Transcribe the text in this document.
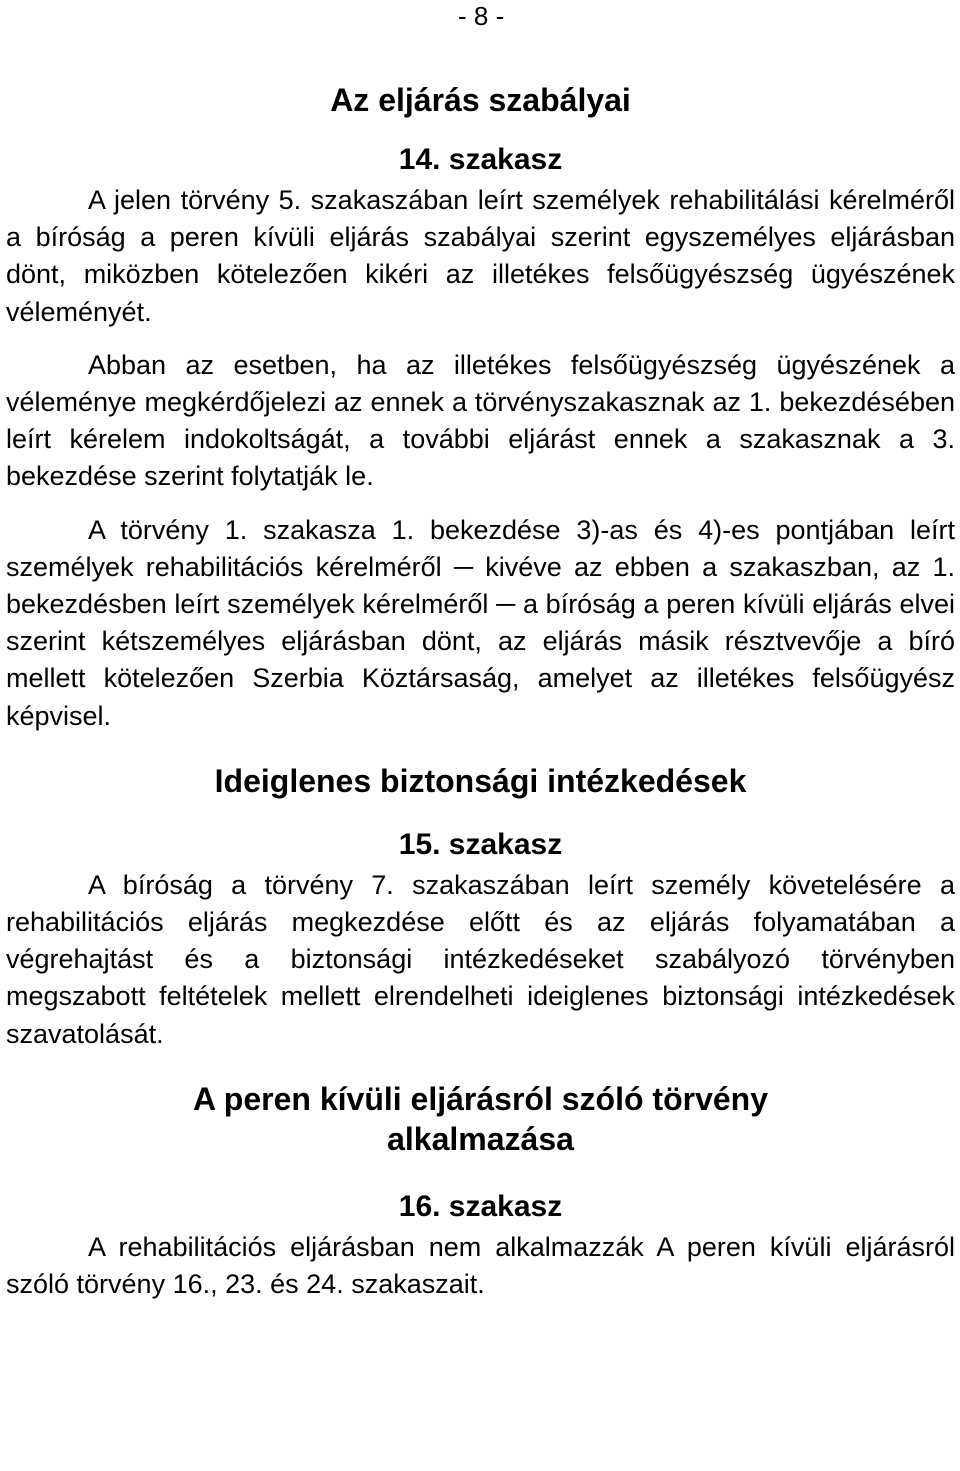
- 8 -
Az eljárás szabályai
14. szakasz

A jelen törvény 5. szakaszában leírt személyek rehabilitálási kérelméről a bíróság a peren kívüli eljárás szabályai szerint egyszemélyes eljárásban dönt, miközben kötelezően kikéri az illetékes felsőügyészség ügyészének véleményét.

Abban az esetben, ha az illetékes felsőügyészség ügyészének a véleménye megkérdőjelezi az ennek a törvényszakasznak az 1. bekezdésében leírt kérelem indokoltságát, a további eljárást ennek a szakasznak a 3. bekezdése szerint folytatják le.

A törvény 1. szakasza 1. bekezdése 3)-as és 4)-es pontjában leírt személyek rehabilitációs kérelméről ─ kivéve az ebben a szakaszban, az 1. bekezdésben leírt személyek kérelméről ─ a bíróság a peren kívüli eljárás elvei szerint kétszemélyes eljárásban dönt, az eljárás másik résztvevője a bíró mellett kötelezően Szerbia Köztársaság, amelyet az illetékes felsőügyész képvisel.

Ideiglenes biztonsági intézkedések
15. szakasz

A bíróság a törvény 7. szakaszában leírt személy követelésére a rehabilitációs eljárás megkezdése előtt és az eljárás folyamatában a végrehajtást és a biztonsági intézkedéseket szabályozó törvényben megszabott feltételek mellett elrendelheti ideiglenes biztonsági intézkedések szavatolását.

A peren kívüli eljárásról szóló törvény alkalmazása
16. szakasz

A rehabilitációs eljárásban nem alkalmazzák A peren kívüli eljárásról szóló törvény 16., 23. és 24. szakaszait.
